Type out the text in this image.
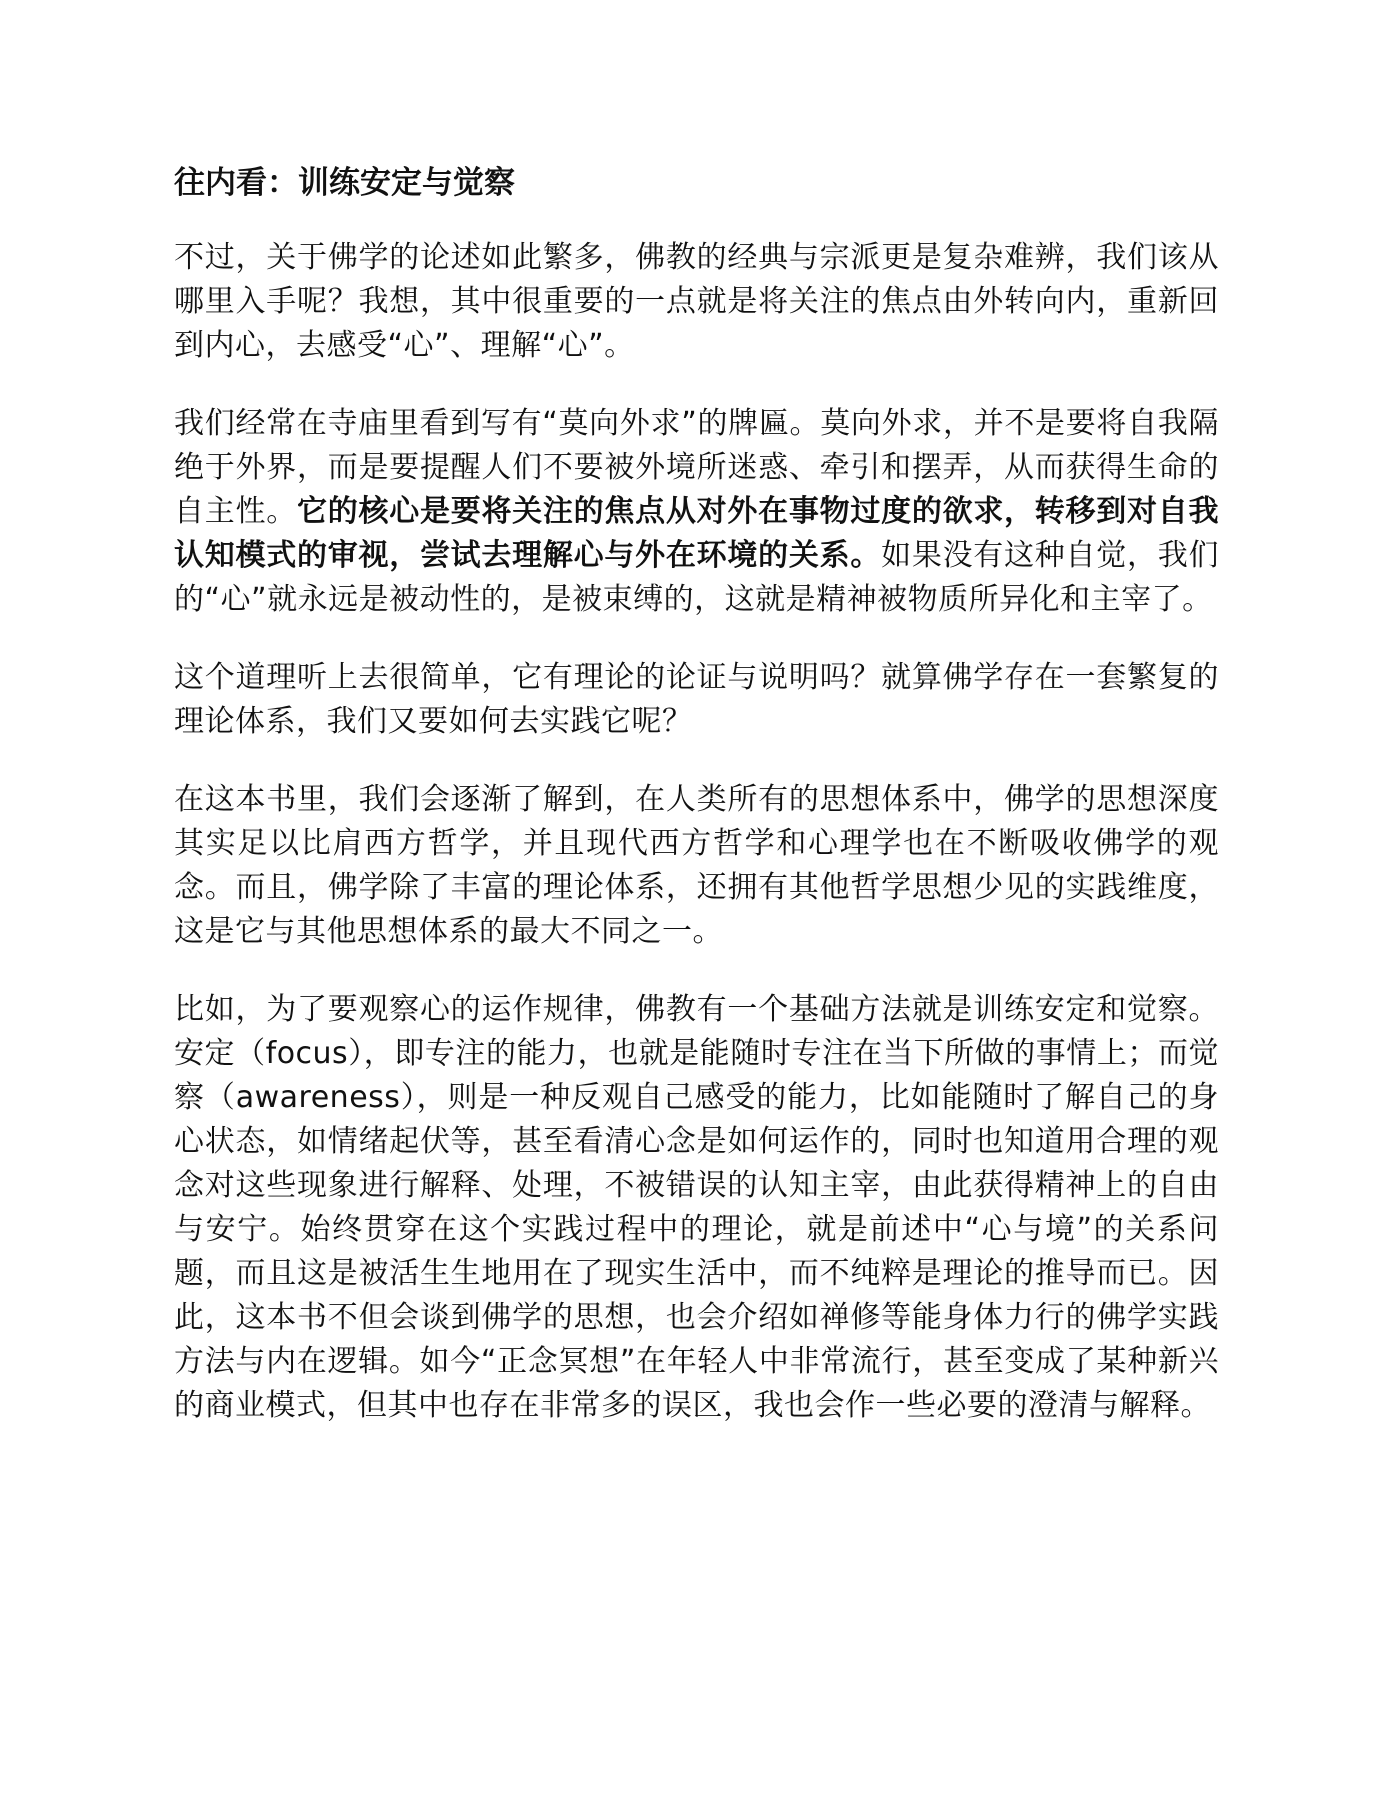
往内看：训练安定与觉察

不过，关于佛学的论述如此繁多，佛教的经典与宗派更是复杂难辨，我们该从哪里入手呢？我想，其中很重要的一点就是将关注的焦点由外转向内，重新回到内心，去感受“心”、理解“心”。

我们经常在寺庙里看到写有“莫向外求”的牌匾。莫向外求，并不是要将自我隔绝于外界，而是要提醒人们不要被外境所迷惑、牵引和摆弄，从而获得生命的自主性。它的核心是要将关注的焦点从对外在事物过度的欲求，转移到对自我认知模式的审视，尝试去理解心与外在环境的关系。如果没有这种自觉，我们的“心”就永远是被动性的，是被束缚的，这就是精神被物质所异化和主宰了。

这个道理听上去很简单，它有理论的论证与说明吗？就算佛学存在一套繁复的理论体系，我们又要如何去实践它呢？

在这本书里，我们会逐渐了解到，在人类所有的思想体系中，佛学的思想深度其实足以比肩西方哲学，并且现代西方哲学和心理学也在不断吸收佛学的观念。而且，佛学除了丰富的理论体系，还拥有其他哲学思想少见的实践维度，这是它与其他思想体系的最大不同之一。

比如，为了要观察心的运作规律，佛教有一个基础方法就是训练安定和觉察。安定（focus），即专注的能力，也就是能随时专注在当下所做的事情上；而觉察（awareness），则是一种反观自己感受的能力，比如能随时了解自己的身心状态，如情绪起伏等，甚至看清心念是如何运作的，同时也知道用合理的观念对这些现象进行解释、处理，不被错误的认知主宰，由此获得精神上的自由与安宁。始终贯穿在这个实践过程中的理论，就是前述中“心与境”的关系问题，而且这是被活生生地用在了现实生活中，而不纯粹是理论的推导而已。因此，这本书不但会谈到佛学的思想，也会介绍如禅修等能身体力行的佛学实践方法与内在逻辑。如今“正念冥想”在年轻人中非常流行，甚至变成了某种新兴的商业模式，但其中也存在非常多的误区，我也会作一些必要的澄清与解释。
